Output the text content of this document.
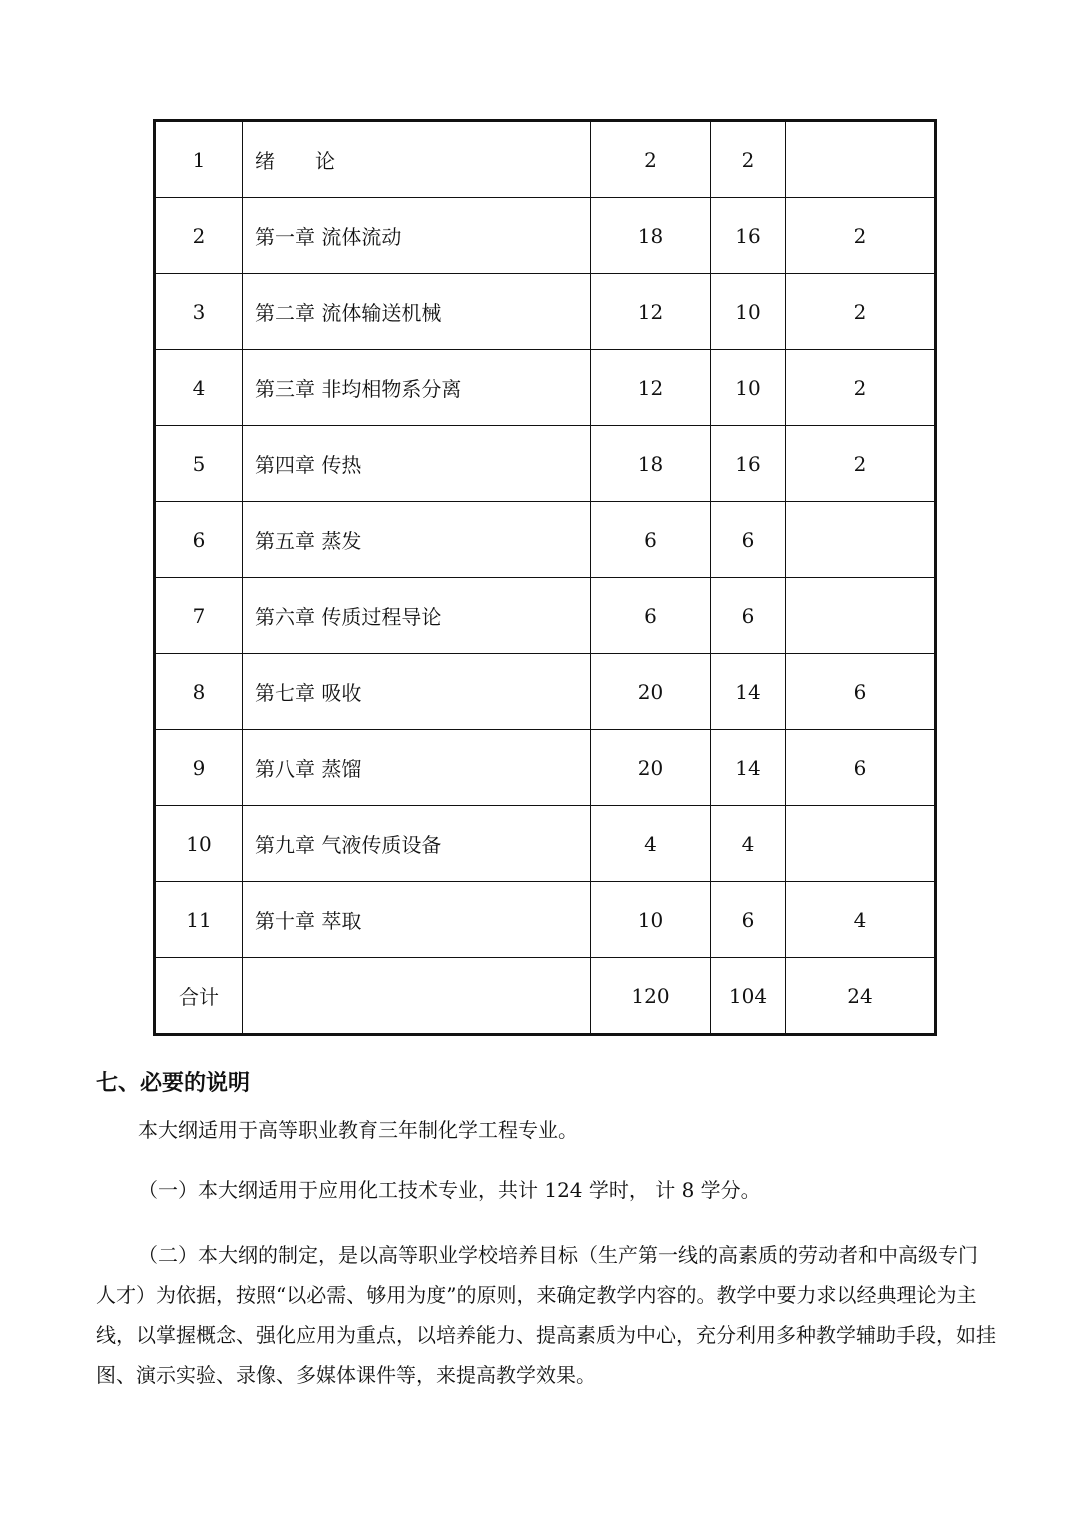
1	绪　　论	2	2	
2	第一章 流体流动	18	16	2
3	第二章 流体输送机械	12	10	2
4	第三章 非均相物系分离	12	10	2
5	第四章 传热	18	16	2
6	第五章 蒸发	6	6	
7	第六章 传质过程导论	6	6	
8	第七章 吸收	20	14	6
9	第八章 蒸馏	20	14	6
10	第九章 气液传质设备	4	4	
11	第十章 萃取	10	6	4
合计		120	104	24
七、必要的说明

本大纲适用于高等职业教育三年制化学工程专业。

（一）本大纲适用于应用化工技术专业，共计 124 学时， 计 8 学分。

（二）本大纲的制定，是以高等职业学校培养目标（生产第一线的高素质的劳动者和中高级专门人才）为依据，按照“以必需、够用为度”的原则，来确定教学内容的。教学中要力求以经典理论为主线，以掌握概念、强化应用为重点，以培养能力、提高素质为中心，充分利用多种教学辅助手段，如挂图、演示实验、录像、多媒体课件等，来提高教学效果。
